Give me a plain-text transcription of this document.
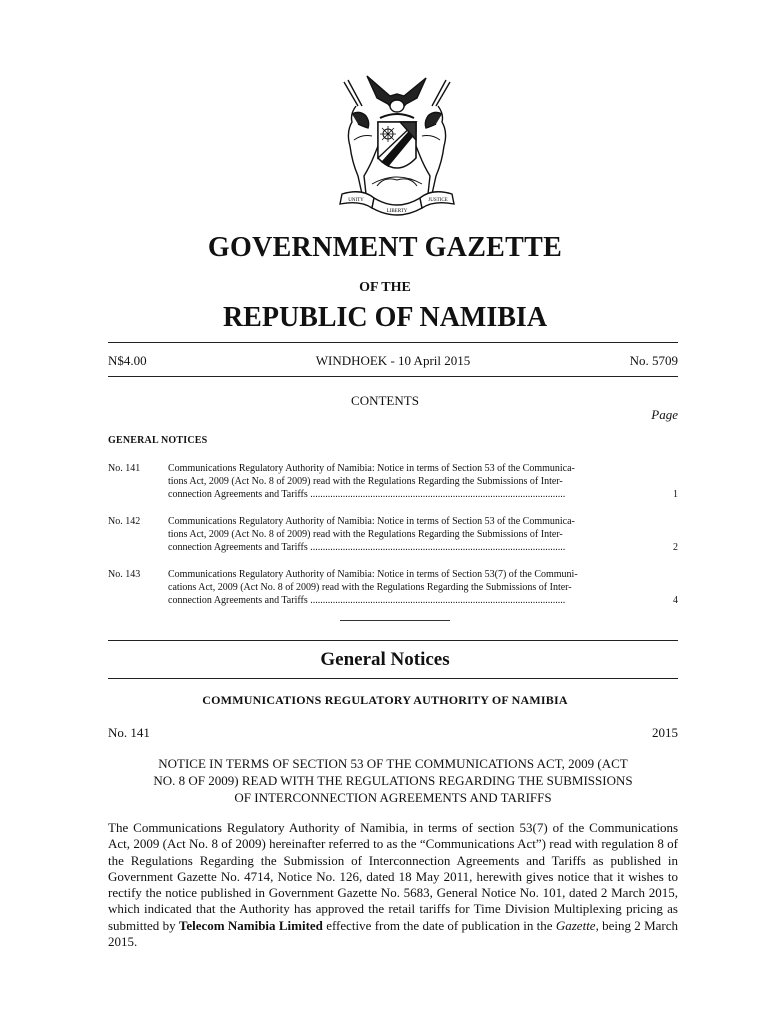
UNITY
LIBERTY
JUSTICE
GOVERNMENT GAZETTE
OF THE
REPUBLIC OF NAMIBIA
N$4.00	WINDHOEK - 10 April 2015	No. 5709
CONTENTS
Page
GENERAL NOTICES
No. 141	Communications Regulatory Authority of Namibia: Notice in terms of Section 53 of the Communica-
tions Act, 2009 (Act No. 8 of 2009) read with the Regulations Regarding the Submissions of Inter-
connection Agreements and Tariffs ......................................................................................................	1
No. 142	Communications Regulatory Authority of Namibia: Notice in terms of Section 53 of the Communica-
tions Act, 2009 (Act No. 8 of 2009) read with the Regulations Regarding the Submissions of Inter-
connection Agreements and Tariffs ......................................................................................................	2
No. 143	Communications Regulatory Authority of Namibia: Notice in terms of Section 53(7) of the Communi-
cations Act, 2009 (Act No. 8 of 2009) read with the Regulations Regarding the Submissions of Inter-
connection Agreements and Tariffs ......................................................................................................	4
General Notices
COMMUNICATIONS REGULATORY AUTHORITY OF NAMIBIA
No. 141	2015
NOTICE IN TERMS OF SECTION 53 OF THE COMMUNICATIONS ACT, 2009 (ACT
NO. 8 OF 2009) READ WITH THE REGULATIONS REGARDING THE SUBMISSIONS
OF INTERCONNECTION AGREEMENTS AND TARIFFS
The Communications Regulatory Authority of Namibia, in terms of section 53(7) of the Communications Act, 2009 (Act No. 8 of 2009) hereinafter referred to as the “Communications Act”) read with regulation 8 of the Regulations Regarding the Submission of Interconnection Agreements and Tariffs as published in Government Gazette No. 4714, Notice No. 126, dated 18 May 2011, herewith gives notice that it wishes to rectify the notice published in Government Gazette No. 5683, General Notice No. 101, dated 2 March 2015, which indicated that the Authority has approved the retail tariffs for Time Division Multiplexing pricing as submitted by Telecom Namibia Limited effective from the date of publication in the Gazette, being 2 March 2015.
